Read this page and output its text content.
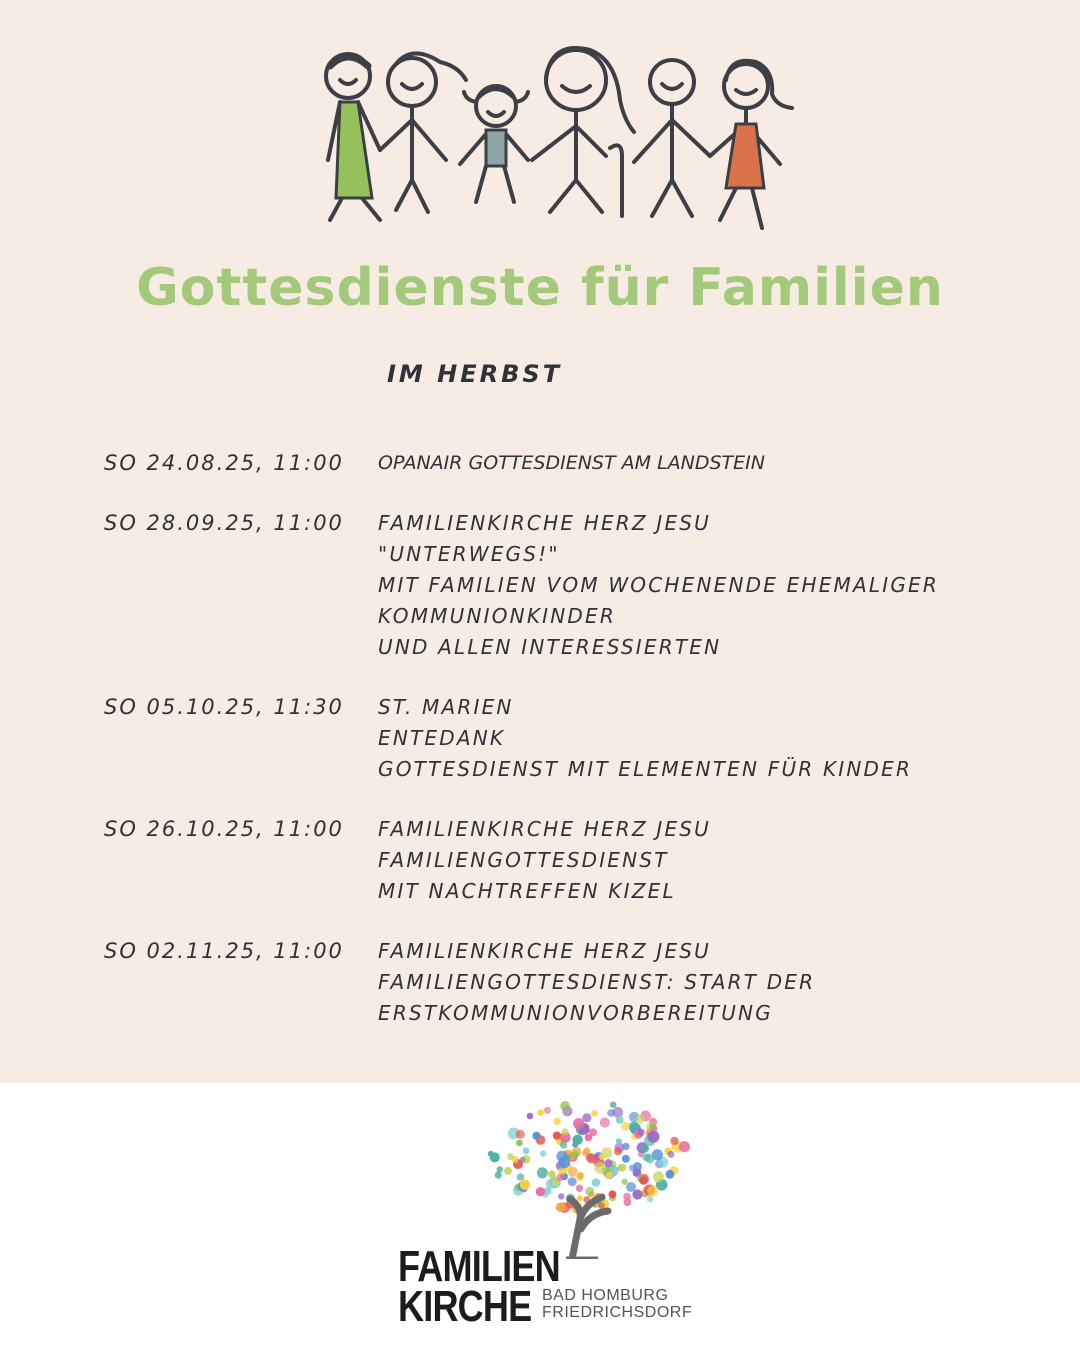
Gottesdienste für Familien
IM HERBST
SO 24.08.25, 11:00	OPANAIR GOTTESDIENST AM LANDSTEIN
SO 28.09.25, 11:00	FAMILIENKIRCHE HERZ JESU
"UNTERWEGS!"
MIT FAMILIEN VOM WOCHENENDE EHEMALIGER
KOMMUNIONKINDER
UND ALLEN INTERESSIERTEN
SO 05.10.25, 11:30	ST. MARIEN
ENTEDANK
GOTTESDIENST MIT ELEMENTEN FÜR KINDER
SO 26.10.25, 11:00	FAMILIENKIRCHE HERZ JESU
FAMILIENGOTTESDIENST
MIT NACHTREFFEN KIZEL
SO 02.11.25, 11:00	FAMILIENKIRCHE HERZ JESU
FAMILIENGOTTESDIENST: START DER
ERSTKOMMUNIONVORBEREITUNG
FAMILIEN
KIRCHE BAD HOMBURG
FRIEDRICHSDORF
